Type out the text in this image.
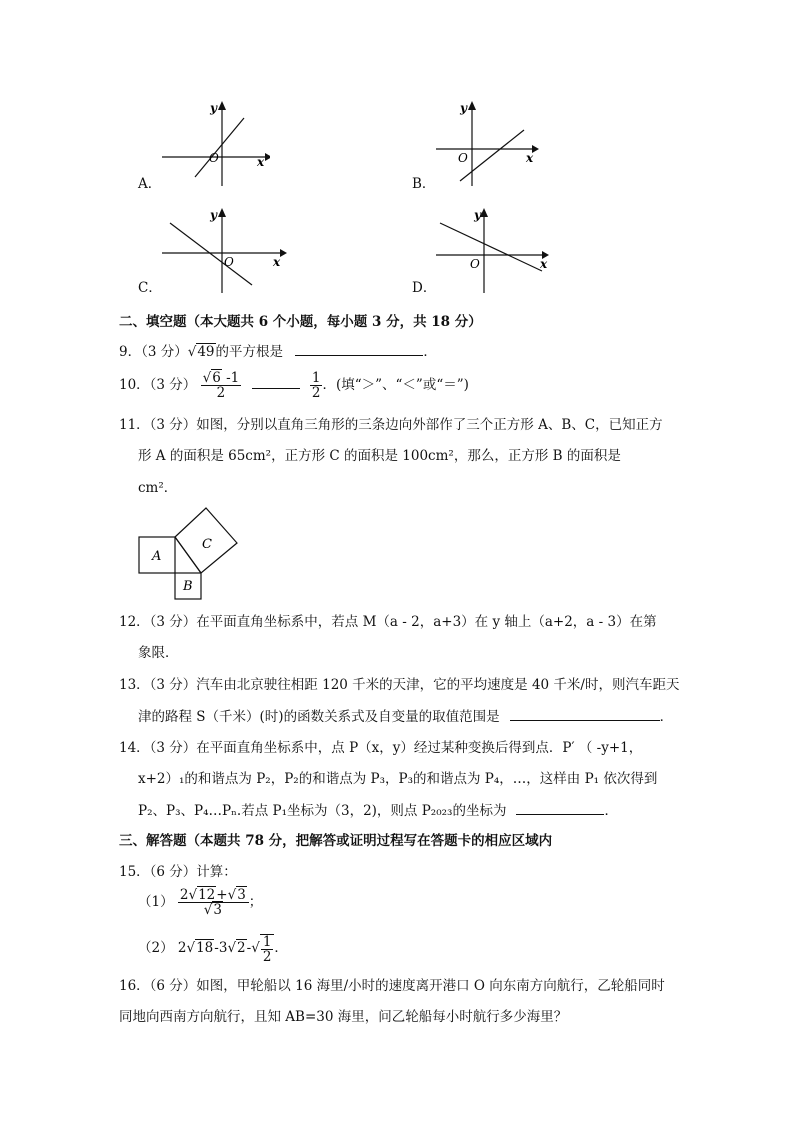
y
x
O
A．
y
x
O
B．
y
x
O
C．
y
x
O
D．
二、填空题（本大题共 6 个小题，每小题 3 分，共 18 分）
9．（3 分）√49的平方根是	．
10．（3 分） $\frac{√6 -1}{2}$
	$\frac{1}{2}$ ．(填“＞”、“＜”或“＝”)
11．（3 分）如图，分别以直角三角形的三条边向外部作了三个正方形 A、B、C，已知正方
形 A 的面积是 65cm²，正方形 C 的面积是 100cm²，那么，正方形 B 的面积是
cm²．
A
B
C
12．（3 分）在平面直角坐标系中，若点 M（a - 2，a+3）在 y 轴上（a+2，a - 3）在第
象限．
13．（3 分）汽车由北京驶往相距 120 千米的天津，它的平均速度是 40 千米/时，则汽车距天
津的路程 S（千米）(时)的函数关系式及自变量的取值范围是	．
14．（3 分）在平面直角坐标系中，点 P（x，y）经过某种变换后得到点．P′ （ -y+1，
x+2）₁的和谐点为 P₂，P₂的和谐点为 P₃，P₃的和谐点为 P₄，…，这样由 P₁ 依次得到
P₂、P₃、P₄…Pₙ.若点 P₁坐标为（3，2)，则点 P₂₀₂₃的坐标为	．
三、解答题（本题共 78 分，把解答或证明过程写在答题卡的相应区域内
15．（6 分）计算：
$(1) \frac{2√12+√3}{√3}$ ；
（2） $2√18-3√2-√ \frac{1}{2}$ ．
16．（6 分）如图，甲轮船以 16 海里/小时的速度离开港口 O 向东南方向航行，乙轮船同时
同地向西南方向航行，且知 AB=30 海里，问乙轮船每小时航行多少海里？
